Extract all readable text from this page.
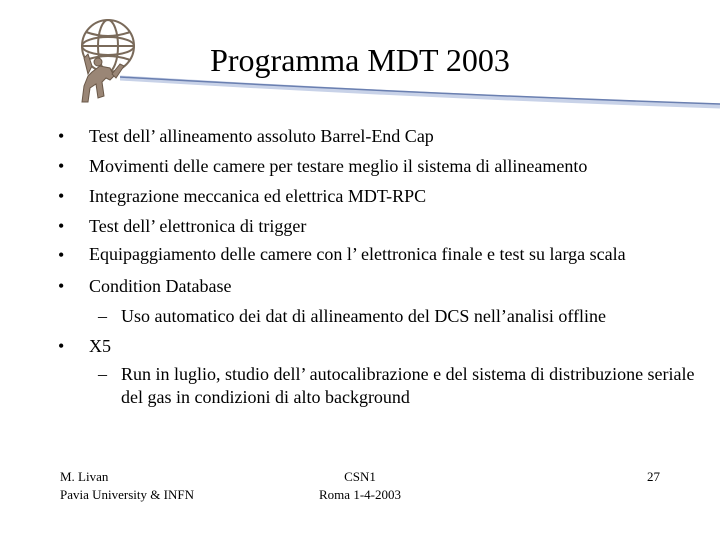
Programma MDT 2003
• Test dell’ allineamento assoluto Barrel-End Cap
• Movimenti delle camere per testare meglio il sistema di allineamento
• Integrazione meccanica ed elettrica MDT-RPC
• Test dell’ elettronica di trigger
• Equipaggiamento delle camere con l’ elettronica finale e test su larga scala
• Condition Database
– Uso automatico dei dat di allineamento del DCS nell’analisi offline
• X5
– Run in luglio, studio dell’ autocalibrazione e del sistema di distribuzione seriale del gas in condizioni di alto background
M. Livan
Pavia University & INFN
CSN1
Roma 1-4-2003
27
